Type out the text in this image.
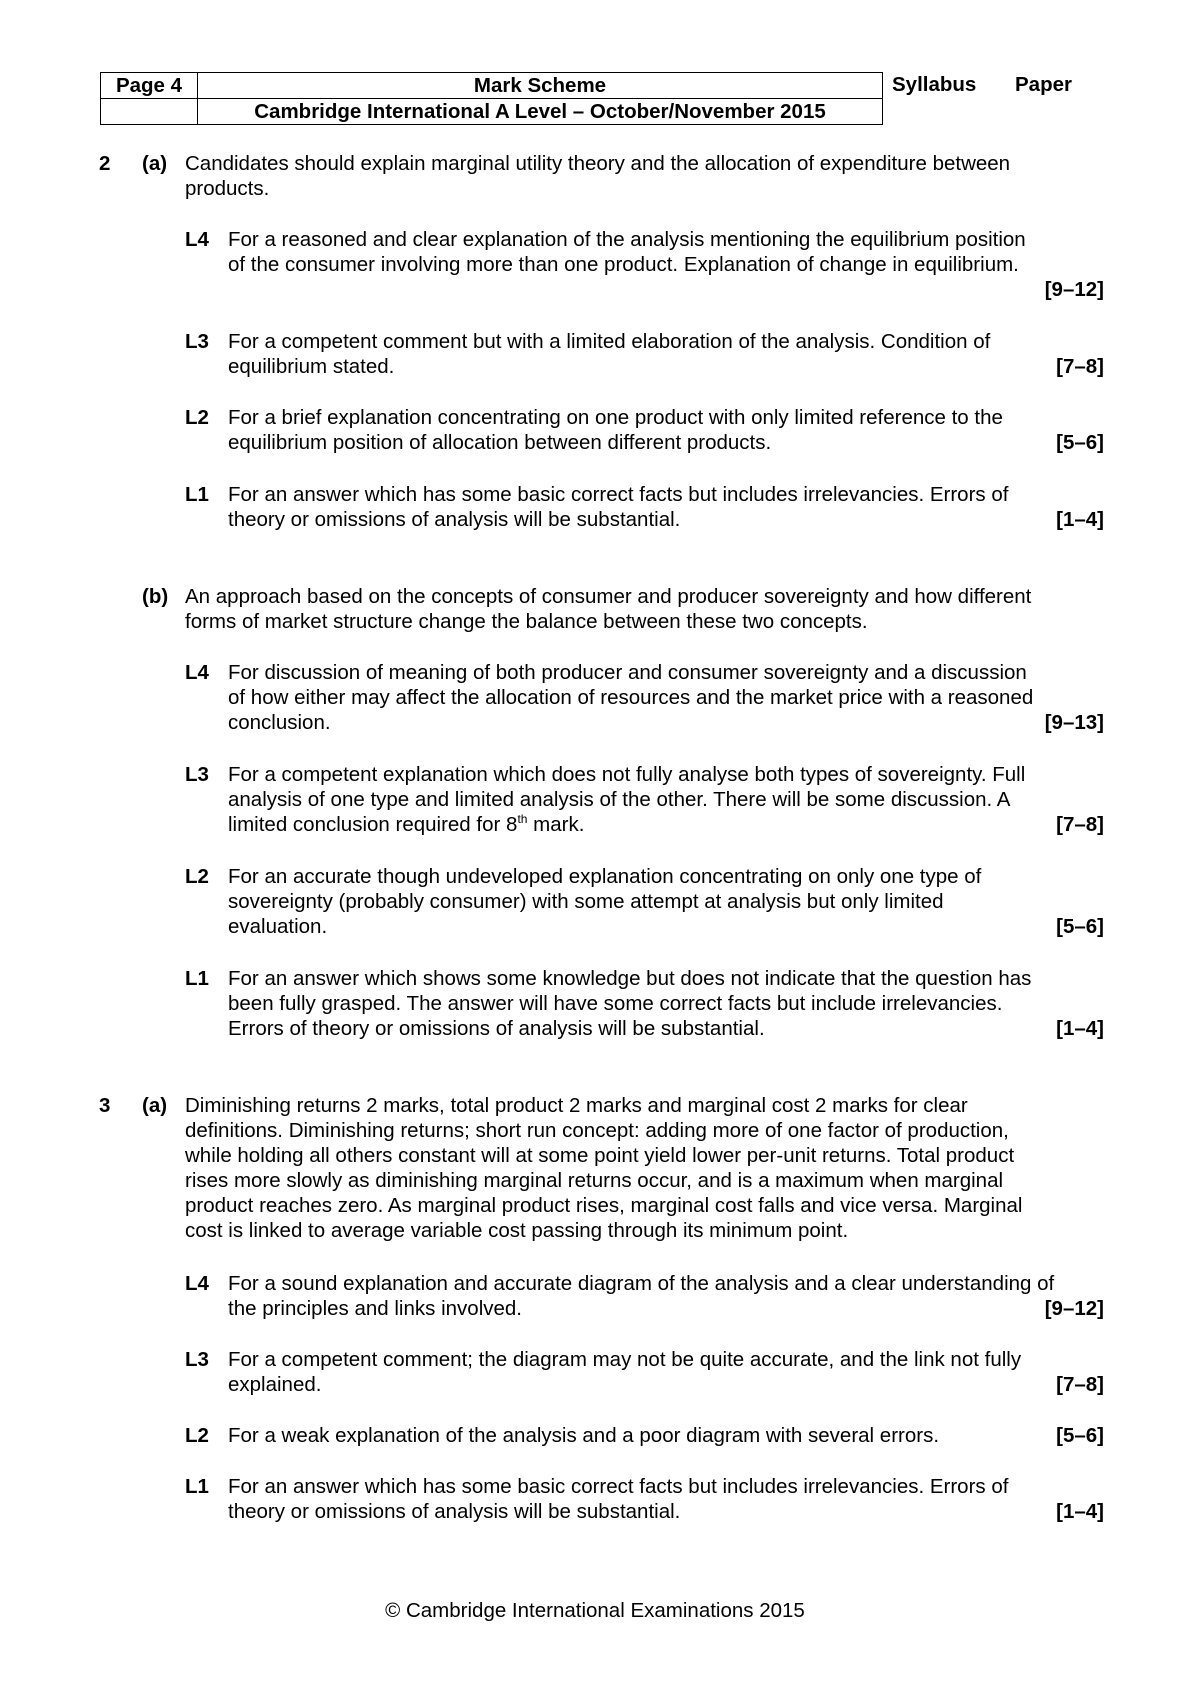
Page 4	Mark Scheme
	Cambridge International A Level – October/November 2015
Syllabus Paper
2 (a) Candidates should explain marginal utility theory and the allocation of expenditure between
products.
L4 For a reasoned and clear explanation of the analysis mentioning the equilibrium position
of the consumer involving more than one product. Explanation of change in equilibrium.
[9–12]

L3 For a competent comment but with a limited elaboration of the analysis. Condition of
equilibrium stated.	[7–8]
L2 For a brief explanation concentrating on one product with only limited reference to the
equilibrium position of allocation between different products.	[5–6]
L1 For an answer which has some basic correct facts but includes irrelevancies. Errors of
theory or omissions of analysis will be substantial.	[1–4]
(b) An approach based on the concepts of consumer and producer sovereignty and how different
forms of market structure change the balance between these two concepts.
L4 For discussion of meaning of both producer and consumer sovereignty and a discussion
of how either may affect the allocation of resources and the market price with a reasoned
conclusion.	[9–13]
L3 For a competent explanation which does not fully analyse both types of sovereignty. Full
analysis of one type and limited analysis of the other. There will be some discussion. A
limited conclusion required for 8th mark.	[7–8]
L2 For an accurate though undeveloped explanation concentrating on only one type of
sovereignty (probably consumer) with some attempt at analysis but only limited
evaluation.	[5–6]
L1 For an answer which shows some knowledge but does not indicate that the question has
been fully grasped. The answer will have some correct facts but include irrelevancies.
Errors of theory or omissions of analysis will be substantial.	[1–4]
3 (a) Diminishing returns 2 marks, total product 2 marks and marginal cost 2 marks for clear
definitions. Diminishing returns; short run concept: adding more of one factor of production,
while holding all others constant will at some point yield lower per-unit returns. Total product
rises more slowly as diminishing marginal returns occur, and is a maximum when marginal
product reaches zero. As marginal product rises, marginal cost falls and vice versa. Marginal
cost is linked to average variable cost passing through its minimum point.
L4 For a sound explanation and accurate diagram of the analysis and a clear understanding of
the principles and links involved.	[9–12]
L3 For a competent comment; the diagram may not be quite accurate, and the link not fully
explained.	[7–8]
L2 For a weak explanation of the analysis and a poor diagram with several errors.	[5–6]
L1 For an answer which has some basic correct facts but includes irrelevancies. Errors of
theory or omissions of analysis will be substantial.	[1–4]
© Cambridge International Examinations 2015
